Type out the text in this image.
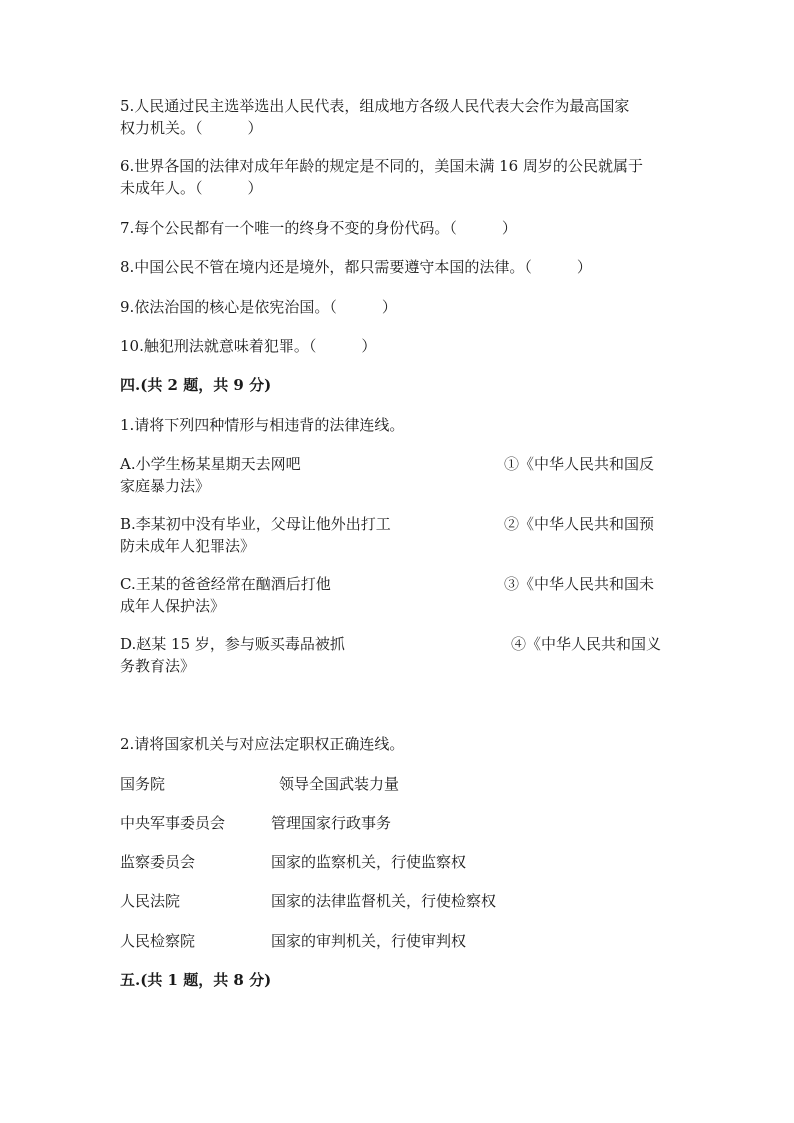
5.人民通过民主选举选出人民代表，组成地方各级人民代表大会作为最高国家
权力机关。（　　　）
6.世界各国的法律对成年年龄的规定是不同的，美国未满 16 周岁的公民就属于
未成年人。（　　　）
7.每个公民都有一个唯一的终身不变的身份代码。（　　　）
8.中国公民不管在境内还是境外，都只需要遵守本国的法律。（　　　）
9.依法治国的核心是依宪治国。（　　　）
10.触犯刑法就意味着犯罪。（　　　）
四.(共 2 题，共 9 分)
1.请将下列四种情形与相违背的法律连线。
A.小学生杨某星期天去网吧	①《中华人民共和国反
家庭暴力法》
B.李某初中没有毕业，父母让他外出打工	②《中华人民共和国预
防未成年人犯罪法》
C.王某的爸爸经常在酗酒后打他	③《中华人民共和国未
成年人保护法》
D.赵某 15 岁，参与贩买毒品被抓	④《中华人民共和国义
务教育法》
2.请将国家机关与对应法定职权正确连线。
国务院	领导全国武装力量
中央军事委员会	管理国家行政事务
监察委员会	国家的监察机关，行使监察权
人民法院	国家的法律监督机关，行使检察权
人民检察院	国家的审判机关，行使审判权
五.(共 1 题，共 8 分)
